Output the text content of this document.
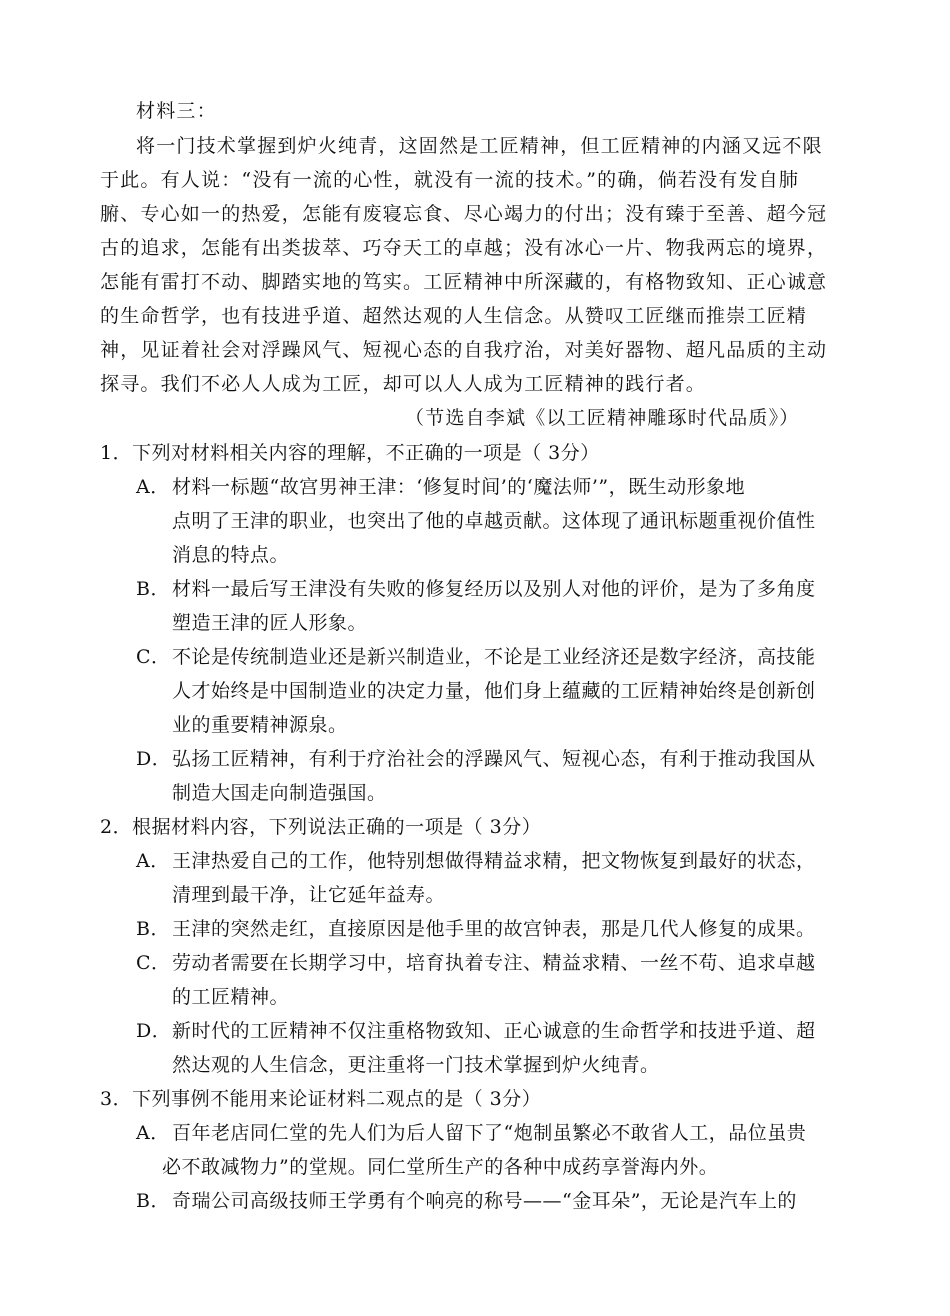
材料三：
将一门技术掌握到炉火纯青，这固然是工匠精神，但工匠精神的内涵又远不限
于此。有人说：“没有一流的心性，就没有一流的技术。”的确，倘若没有发自肺
腑、专心如一的热爱，怎能有废寝忘食、尽心竭力的付出；没有臻于至善、超今冠
古的追求，怎能有出类拔萃、巧夺天工的卓越；没有冰心一片、物我两忘的境界，
怎能有雷打不动、脚踏实地的笃实。工匠精神中所深藏的，有格物致知、正心诚意
的生命哲学，也有技进乎道、超然达观的人生信念。从赞叹工匠继而推崇工匠精
神，见证着社会对浮躁风气、短视心态的自我疗治，对美好器物、超凡品质的主动
探寻。我们不必人人成为工匠，却可以人人成为工匠精神的践行者。
（节选自李斌《以工匠精神雕琢时代品质》）
1．下列对材料相关内容的理解，不正确的一项是（ 3分）
A． 材料一标题“故宫男神王津：‘修复时间’的‘魔法师’”，既生动形象地
点明了王津的职业，也突出了他的卓越贡献。这体现了通讯标题重视价值性
消息的特点。
B． 材料一最后写王津没有失败的修复经历以及别人对他的评价，是为了多角度
塑造王津的匠人形象。
C． 不论是传统制造业还是新兴制造业，不论是工业经济还是数字经济，高技能
人才始终是中国制造业的决定力量，他们身上蕴藏的工匠精神始终是创新创
业的重要精神源泉。
D． 弘扬工匠精神，有利于疗治社会的浮躁风气、短视心态，有利于推动我国从
制造大国走向制造强国。
2．根据材料内容，下列说法正确的一项是（ 3分）
A． 王津热爱自己的工作，他特别想做得精益求精，把文物恢复到最好的状态，
清理到最干净，让它延年益寿。
B． 王津的突然走红，直接原因是他手里的故宫钟表，那是几代人修复的成果。
C． 劳动者需要在长期学习中，培育执着专注、精益求精、一丝不苟、追求卓越
的工匠精神。
D． 新时代的工匠精神不仅注重格物致知、正心诚意的生命哲学和技进乎道、超
然达观的人生信念，更注重将一门技术掌握到炉火纯青。
3．下列事例不能用来论证材料二观点的是（ 3分）
A． 百年老店同仁堂的先人们为后人留下了“炮制虽繁必不敢省人工，品位虽贵
必不敢减物力”的堂规。同仁堂所生产的各种中成药享誉海内外。
B． 奇瑞公司高级技师王学勇有个响亮的称号——“金耳朵”，无论是汽车上的
